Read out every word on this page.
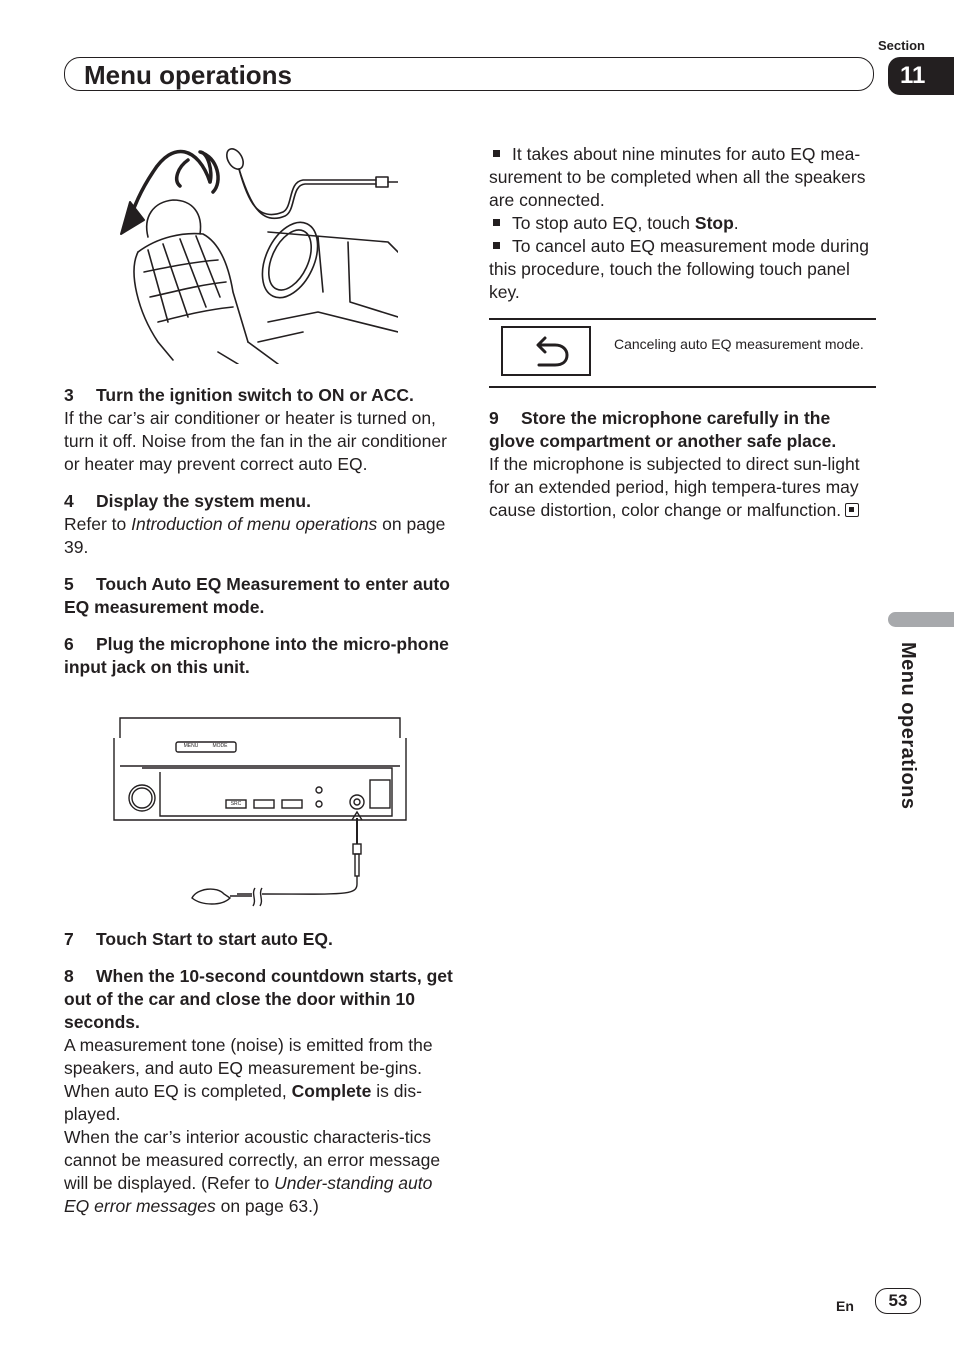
Menu operations
Section
11
Menu operations

3 Turn the ignition switch to ON or ACC.

If the car’s air conditioner or heater is turned on, turn it off. Noise from the fan in the air conditioner or heater may prevent correct auto EQ.

4 Display the system menu.

Refer to Introduction of menu operations on page 39.

5 Touch Auto EQ Measurement to enter auto EQ measurement mode.

6 Plug the microphone into the micro-phone input jack on this unit.

MENU	MODE
SRC

7 Touch Start to start auto EQ.

8 When the 10-second countdown starts, get out of the car and close the door within 10 seconds.

A measurement tone (noise) is emitted from the speakers, and auto EQ measurement be-gins.

When auto EQ is completed, Complete is dis-played.

When the car’s interior acoustic characteris-tics cannot be measured correctly, an error message will be displayed. (Refer to Under-standing auto EQ error messages on page 63.)

It takes about nine minutes for auto EQ mea-surement to be completed when all the speakers are connected.

To stop auto EQ, touch Stop.

To cancel auto EQ measurement mode during this procedure, touch the following touch panel key.

Canceling auto EQ measurement mode.

9 Store the microphone carefully in the glove compartment or another safe place.

If the microphone is subjected to direct sun-light for an extended period, high tempera-tures may cause distortion, color change or malfunction.

En	53
